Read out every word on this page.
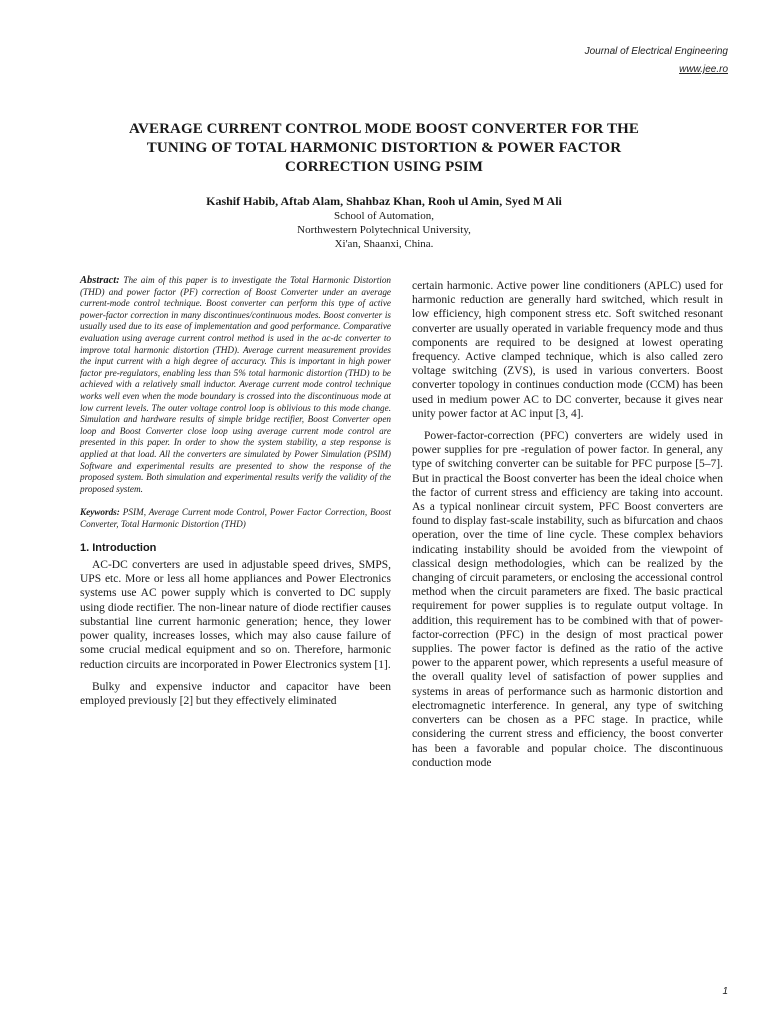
Journal of Electrical Engineering
www.jee.ro
AVERAGE CURRENT CONTROL MODE BOOST CONVERTER FOR THE TUNING OF TOTAL HARMONIC DISTORTION & POWER FACTOR CORRECTION USING PSIM
Kashif Habib, Aftab Alam, Shahbaz Khan, Rooh ul Amin, Syed M Ali
School of Automation,
Northwestern Polytechnical University,
Xi'an, Shaanxi, China.

Abstract: The aim of this paper is to investigate the Total Harmonic Distortion (THD) and power factor (PF) correction of Boost Converter under an average current-mode control technique. Boost converter can perform this type of active power-factor correction in many discontinues/continuous modes. Boost converter is usually used due to its ease of implementation and good performance. Comparative evaluation using average current control method is used in the ac-dc converter to improve total harmonic distortion (THD). Average current measurement provides the input current with a high degree of accuracy. This is important in high power factor pre-regulators, enabling less than 5% total harmonic distortion (THD) to be achieved with a relatively small inductor. Average current mode control technique works well even when the mode boundary is crossed into the discontinuous mode at low current levels. The outer voltage control loop is oblivious to this mode change. Simulation and hardware results of simple bridge rectifier, Boost Converter open loop and Boost Converter close loop using average current mode control are presented in this paper. In order to show the system stability, a step response is applied at that load. All the converters are simulated by Power Simulation (PSIM) Software and experimental results are presented to show the response of the proposed system. Both simulation and experimental results verify the validity of the proposed system.

Keywords: PSIM, Average Current mode Control, Power Factor Correction, Boost Converter, Total Harmonic Distortion (THD)

1. Introduction

AC-DC converters are used in adjustable speed drives, SMPS, UPS etc. More or less all home appliances and Power Electronics systems use AC power supply which is converted to DC supply using diode rectifier. The non-linear nature of diode rectifier causes substantial line current harmonic generation; hence, they lower power quality, increases losses, which may also cause failure of some crucial medical equipment and so on. Therefore, harmonic reduction circuits are incorporated in Power Electronics system [1].

Bulky and expensive inductor and capacitor have been employed previously [2] but they effectively eliminated

certain harmonic. Active power line conditioners (APLC) used for harmonic reduction are generally hard switched, which result in low efficiency, high component stress etc. Soft switched resonant converter are usually operated in variable frequency mode and thus components are required to be designed at lowest operating frequency. Active clamped technique, which is also called zero voltage switching (ZVS), is used in various converters. Boost converter topology in continues conduction mode (CCM) has been used in medium power AC to DC converter, because it gives near unity power factor at AC input [3, 4].

Power-factor-correction (PFC) converters are widely used in power supplies for pre -regulation of power factor. In general, any type of switching converter can be suitable for PFC purpose [5–7]. But in practical the Boost converter has been the ideal choice when the factor of current stress and efficiency are taking into account. As a typical nonlinear circuit system, PFC Boost converters are found to display fast-scale instability, such as bifurcation and chaos operation, over the time of line cycle. These complex behaviors indicating instability should be avoided from the viewpoint of classical design methodologies, which can be realized by the changing of circuit parameters, or enclosing the accessional control method when the circuit parameters are fixed. The basic practical requirement for power supplies is to regulate output voltage. In addition, this requirement has to be combined with that of power-factor-correction (PFC) in the design of most practical power supplies. The power factor is defined as the ratio of the active power to the apparent power, which represents a useful measure of the overall quality level of satisfaction of power supplies and systems in areas of performance such as harmonic distortion and electromagnetic interference. In general, any type of switching converters can be chosen as a PFC stage. In practice, while considering the current stress and efficiency, the boost converter has been a favorable and popular choice. The discontinuous conduction mode

1
